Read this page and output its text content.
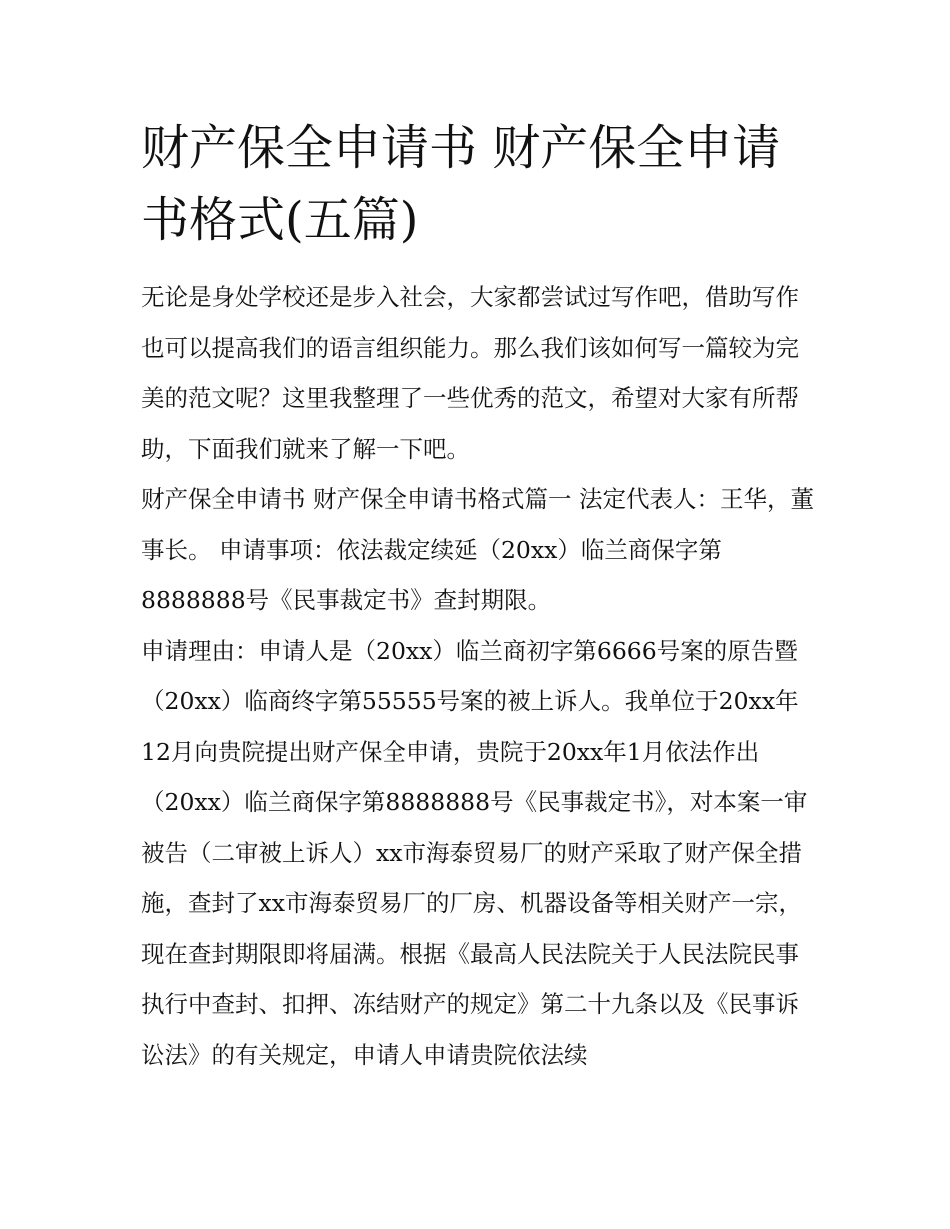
财产保全申请书 财产保全申请书格式(五篇)

无论是身处学校还是步入社会，大家都尝试过写作吧，借助写作也可以提高我们的语言组织能力。那么我们该如何写一篇较为完美的范文呢？这里我整理了一些优秀的范文，希望对大家有所帮助，下面我们就来了解一下吧。

财产保全申请书 财产保全申请书格式篇一 法定代表人：王华，董事长。 申请事项：依法裁定续延（20xx）临兰商保字第8888888号《民事裁定书》查封期限。

申请理由：申请人是（20xx）临兰商初字第6666号案的原告暨（20xx）临商终字第55555号案的被上诉人。我单位于20xx年12月向贵院提出财产保全申请，贵院于20xx年1月依法作出（20xx）临兰商保字第8888888号《民事裁定书》，对本案一审被告（二审被上诉人）xx市海泰贸易厂的财产采取了财产保全措施，查封了xx市海泰贸易厂的厂房、机器设备等相关财产一宗，现在查封期限即将届满。根据《最高人民法院关于人民法院民事执行中查封、扣押、冻结财产的规定》第二十九条以及《民事诉讼法》的有关规定，申请人申请贵院依法续
